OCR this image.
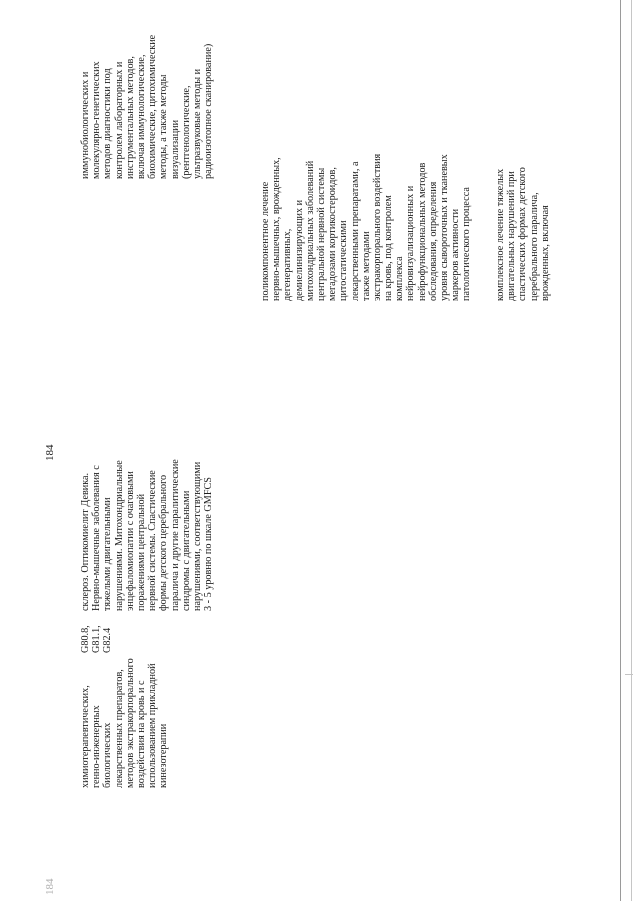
184
184
химиотерапевтических, генно-инженерных биологических лекарственных препаратов, методов экстракорпорального воздействия на кровь и с использованием прикладной кинезотерапии
G80.8, G81.1, G82.4
склероз. Оптикомиелит Девика. Нервно-мышечные заболевания с тяжелыми двигательными нарушениями. Митохондриальные энцефаломиопатии с очаговыми поражениями центральной нервной системы. Спастические формы детского церебрального паралича и другие паралитические синдромы с двигательными нарушениями, соответствующими 3 - 5 уровню по шкале GMFCS
иммунобиологических и молекулярно-генетических методов диагностики под контролем лабораторных и инструментальных методов, включая иммунологические, биохимические, цитохимические методы, а также методы визуализации (рентгенологические, ультразвуковые методы и радиоизотопное сканирование)
поликомпонентное лечение нервно-мышечных, врожденных, дегенеративных, демиелинизирующих и митохондриальных заболеваний центральной нервной системы мегадозами кортикостероидов, цитостатическими лекарственными препаратами, а также методами экстракорпорального воздействия на кровь, под контролем комплекса нейровизуализационных и нейрофункциональных методов обследования, определения уровня сывороточных и тканевых маркеров активности патологического процесса комплексное лечение тяжелых двигательных нарушений при спастических формах детского церебрального паралича, врожденных, включая
